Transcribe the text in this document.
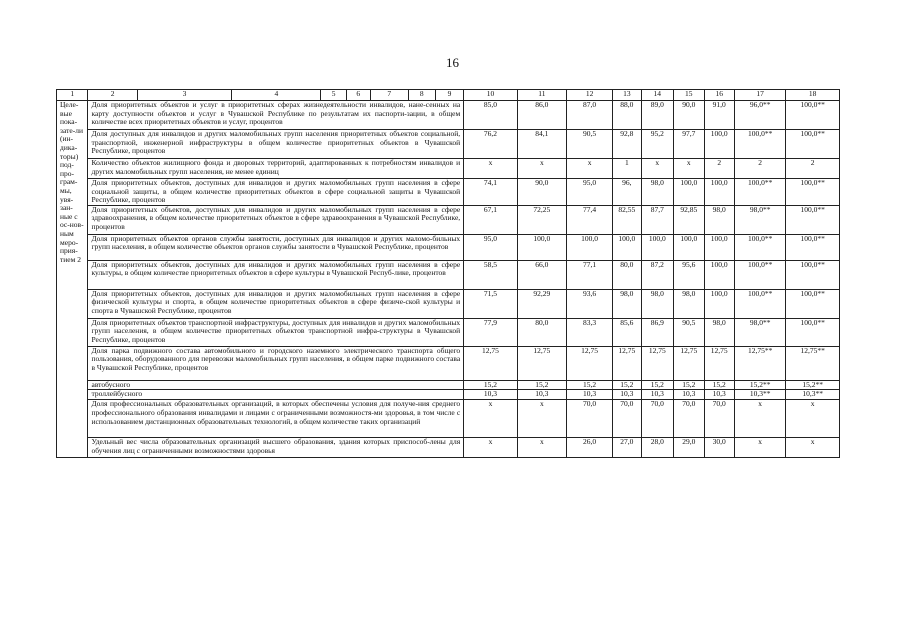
16
1	2	3	4	5	6	7	8	9	10	11	12	13	14	15	16	17	18
Целе-вые пока-зате-ли (ин-дика-торы) под-про-грам-мы, увя-зан-ные с ос-нов-ным меро-прия-тием 2	Доля приоритетных объектов и услуг в приоритетных сферах жизнедеятельности инвалидов, нане-сенных на карту доступности объектов и услуг в Чувашской Республике по результатам их паспорти-зации, в общем количестве всех приоритетных объектов и услуг, процентов								85,0	86,0	87,0	88,0	89,0	90,0	91,0	96,0**	100,0**
	Доля доступных для инвалидов и других маломобильных групп населения приоритетных объектов социальной, транспортной, инженерной инфраструктуры в общем количестве приоритетных объектов в Чувашской Республике, процентов								76,2	84,1	90,5	92,8	95,2	97,7	100,0	100,0**	100,0**
	Количество объектов жилищного фонда и дворовых территорий, адаптированных к потребностям инвалидов и других маломобильных групп населения, не менее единиц								х	х	х	1	х	х	2	2	2
	Доля приоритетных объектов, доступных для инвалидов и других маломобильных групп населения в сфере социальной защиты, в общем количестве приоритетных объектов в сфере социальной защиты в Чувашской Республике, процентов								74,1	90,0	95,0	96,	98,0	100,0	100,0	100,0**	100,0**
	Доля приоритетных объектов, доступных для инвалидов и других маломобильных групп населения в сфере здравоохранения, в общем количестве приоритетных объектов в сфере здравоохранения в Чувашской Республике, процентов								67,1	72,25	77,4	82,55	87,7	92,85	98,0	98,0**	100,0**
	Доля приоритетных объектов органов службы занятости, доступных для инвалидов и других маломо-бильных групп населения, в общем количестве объектов органов службы занятости в Чувашской Республике, процентов								95,0	100,0	100,0	100,0	100,0	100,0	100,0	100,0**	100,0**
	Доля приоритетных объектов, доступных для инвалидов и других маломобильных групп населения в сфере культуры, в общем количестве приоритетных объектов в сфере культуры в Чувашской Респуб-лике, процентов								58,5	66,0	77,1	80,0	87,2	95,6	100,0	100,0**	100,0**
	Доля приоритетных объектов, доступных для инвалидов и других маломобильных групп населения в сфере физической культуры и спорта, в общем количестве приоритетных объектов в сфере физиче-ской культуры и спорта в Чувашской Республике, процентов								71,5	92,29	93,6	98,0	98,0	98,0	100,0	100,0**	100,0**
	Доля приоритетных объектов транспортной инфраструктуры, доступных для инвалидов и других маломобильных групп населения, в общем количестве приоритетных объектов транспортной инфра-структуры в Чувашской Республике, процентов								77,9	80,0	83,3	85,6	86,9	90,5	98,0	98,0**	100,0**
	Доля парка подвижного состава автомобильного и городского наземного электрического транспорта общего пользования, оборудованного для перевозки маломобильных групп населения, в общем парке подвижного состава в Чувашской Республике, процентов								12,75	12,75	12,75	12,75	12,75	12,75	12,75	12,75**	12,75**
	автобусного								15,2	15,2	15,2	15,2	15,2	15,2	15,2	15,2**	15,2**
	троллейбусного								10,3	10,3	10,3	10,3	10,3	10,3	10,3	10,3**	10,3**
	Доля профессиональных образовательных организаций, в которых обеспечены условия для получе-ния среднего профессионального образования инвалидами и лицами с ограниченными возможностя-ми здоровья, в том числе с использованием дистанционных образовательных технологий, в общем количестве таких организаций								х	х	70,0	70,0	70,0	70,0	70,0	х	х
	Удельный вес числа образовательных организаций высшего образования, здания которых приспособ-лены для обучения лиц с ограниченными возможностями здоровья								х	х	26,0	27,0	28,0	29,0	30,0	х	х
